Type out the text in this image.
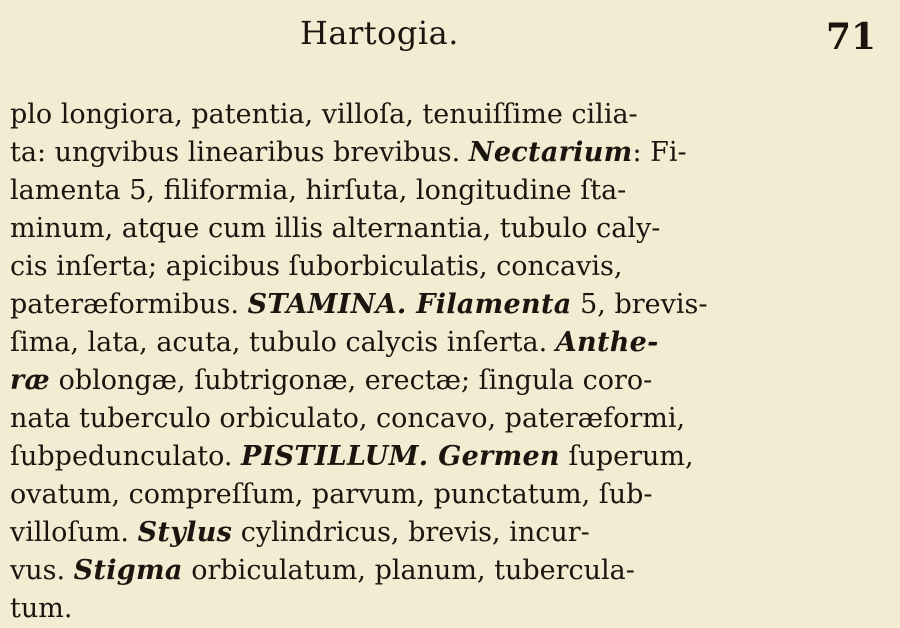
Hartogia.	71
plo longiora, patentia, villoſa, tenuiſſime cilia-
ta: ungvibus linearibus brevibus. Nectarium: Fi-
lamenta 5, filiformia, hirſuta, longitudine ſta-
minum, atque cum illis alternantia, tubulo caly-
cis inſerta; apicibus ſuborbiculatis, concavis,
pateræformibus. STAMINA. Filamenta 5, brevis-
ſima, lata, acuta, tubulo calycis inſerta. Anthe-
ræ oblongæ, ſubtrigonæ, erectæ; ſingula coro-
nata tuberculo orbiculato, concavo, pateræformi,
ſubpedunculato. PISTILLUM. Germen ſuperum,
ovatum, compreſſum, parvum, punctatum, ſub-
villoſum. Stylus cylindricus, brevis, incur-
vus. Stigma orbiculatum, planum, tubercula-
tum.
